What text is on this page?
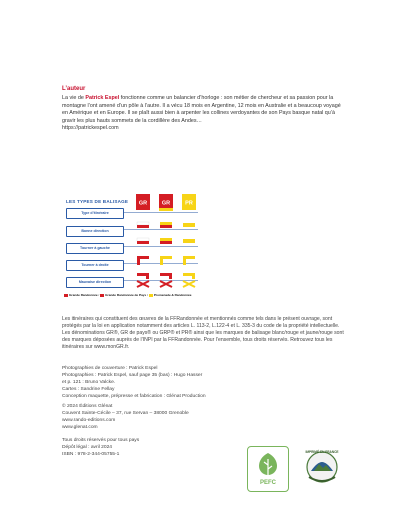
L’auteur
La vie de Patrick Espel fonctionne comme un balancier d’horloge : son métier de chercheur et sa passion pour la montagne l’ont amené d’un pôle à l’autre. Il a vécu 18 mois en Argentine, 12 mois en Australie et a beaucoup voyagé en Amérique et en Europe. Il se plaît aussi bien à arpenter les collines verdoyantes de son Pays basque natal qu’à gravir les plus hauts sommets de la cordillère des Andes…
https://patrickespel.com
LES TYPES DE BALISAGE
Type d’itinéraire
Bonne direction
Tourner à gauche
Tourner à droite
Mauvaise direction
GR	GR	PR
Grande Randonnée / Grande Randonnée de Pays / Promenade & Randonnée
Les itinéraires qui constituent des œuvres de la FFRandonnée et mentionnés comme tels dans le présent ouvrage, sont protégés par la loi en application notamment des articles L. 113-2, L.122-4 et L. 335-3 du code de la propriété intellectuelle. Les dénominations GR®, GR de pays® ou GRP® et PR® ainsi que les marques de balisage blanc/rouge et jaune/rouge sont des marques déposées auprès de l’INPI par la FFRandonnée. Pour l’ensemble, tous droits réservés. Retrouvez tous les itinéraires sur www.monGR.fr.
Photographies de couverture : Patrick Espel
Photographies : Patrick Espel, sauf page 35 (bas) : Hugo Hasser
et p. 121 : Bruno Valcke.
Cartes : Sandrine Fellay
Conception maquette, prépresse et fabrication : Glénat Production
© 2024 Éditions Glénat
Couvent Sainte-Cécile – 37, rue Servan – 38000 Grenoble
www.rando-editions.com
www.glenat.com
Tous droits réservés pour tous pays
Dépôt légal : avril 2024
ISBN : 978-2-344-05755-1
PEFC
IMPRIMÉ EN FRANCE
